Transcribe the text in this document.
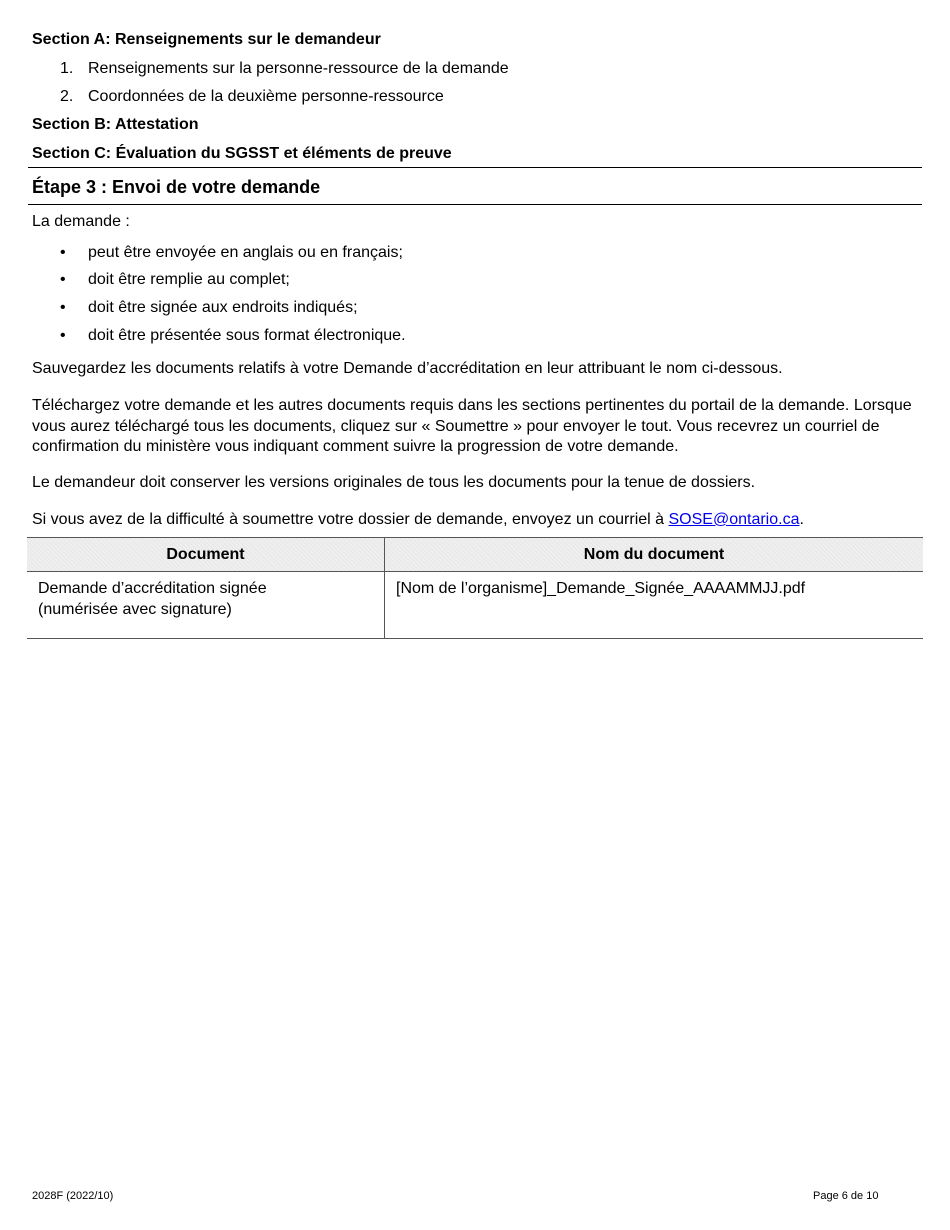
Section A: Renseignements sur le demandeur
1. Renseignements sur la personne-ressource de la demande
2. Coordonnées de la deuxième personne-ressource
Section B: Attestation
Section C: Évaluation du SGSST et éléments de preuve
Étape 3 : Envoi de votre demande

La demande :

• peut être envoyée en anglais ou en français;
• doit être remplie au complet;
• doit être signée aux endroits indiqués;
• doit être présentée sous format électronique.

Sauvegardez les documents relatifs à votre Demande d’accréditation en leur attribuant le nom ci-dessous.

Téléchargez votre demande et les autres documents requis dans les sections pertinentes du portail de la demande. Lorsque vous aurez téléchargé tous les documents, cliquez sur « Soumettre » pour envoyer le tout. Vous recevrez un courriel de confirmation du ministère vous indiquant comment suivre la progression de votre demande.

Le demandeur doit conserver les versions originales de tous les documents pour la tenue de dossiers.

Si vous avez de la difficulté à soumettre votre dossier de demande, envoyez un courriel à SOSE@ontario.ca.

Document	Nom du document

Demande d’accréditation signée
(numérisée avec signature)	[Nom de l’organisme]_Demande_Signée_AAAAMMJJ.pdf
2028F (2022/10)	Page 6 de 10
